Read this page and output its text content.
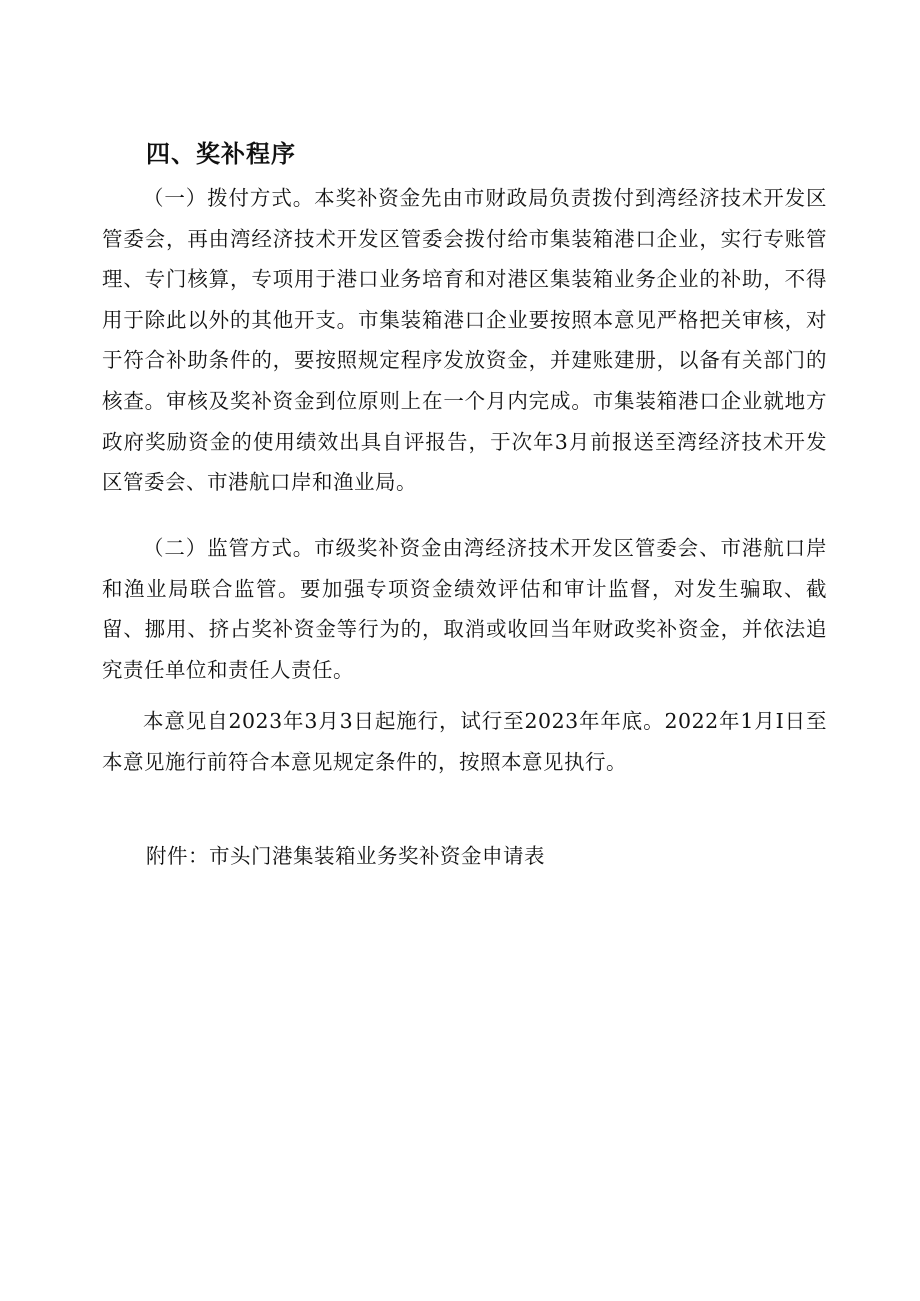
四、奖补程序

（一）拨付方式。本奖补资金先由市财政局负责拨付到湾经济技术开发区管委会，再由湾经济技术开发区管委会拨付给市集装箱港口企业，实行专账管理、专门核算，专项用于港口业务培育和对港区集装箱业务企业的补助，不得用于除此以外的其他开支。市集装箱港口企业要按照本意见严格把关审核，对于符合补助条件的，要按照规定程序发放资金，并建账建册，以备有关部门的核查。审核及奖补资金到位原则上在一个月内完成。市集装箱港口企业就地方政府奖励资金的使用绩效出具自评报告，于次年3月前报送至湾经济技术开发区管委会、市港航口岸和渔业局。

（二）监管方式。市级奖补资金由湾经济技术开发区管委会、市港航口岸和渔业局联合监管。要加强专项资金绩效评估和审计监督，对发生骗取、截留、挪用、挤占奖补资金等行为的，取消或收回当年财政奖补资金，并依法追究责任单位和责任人责任。

本意见自2023年3月3日起施行，试行至2023年年底。2022年1月I日至本意见施行前符合本意见规定条件的，按照本意见执行。

附件：市头门港集装箱业务奖补资金申请表
